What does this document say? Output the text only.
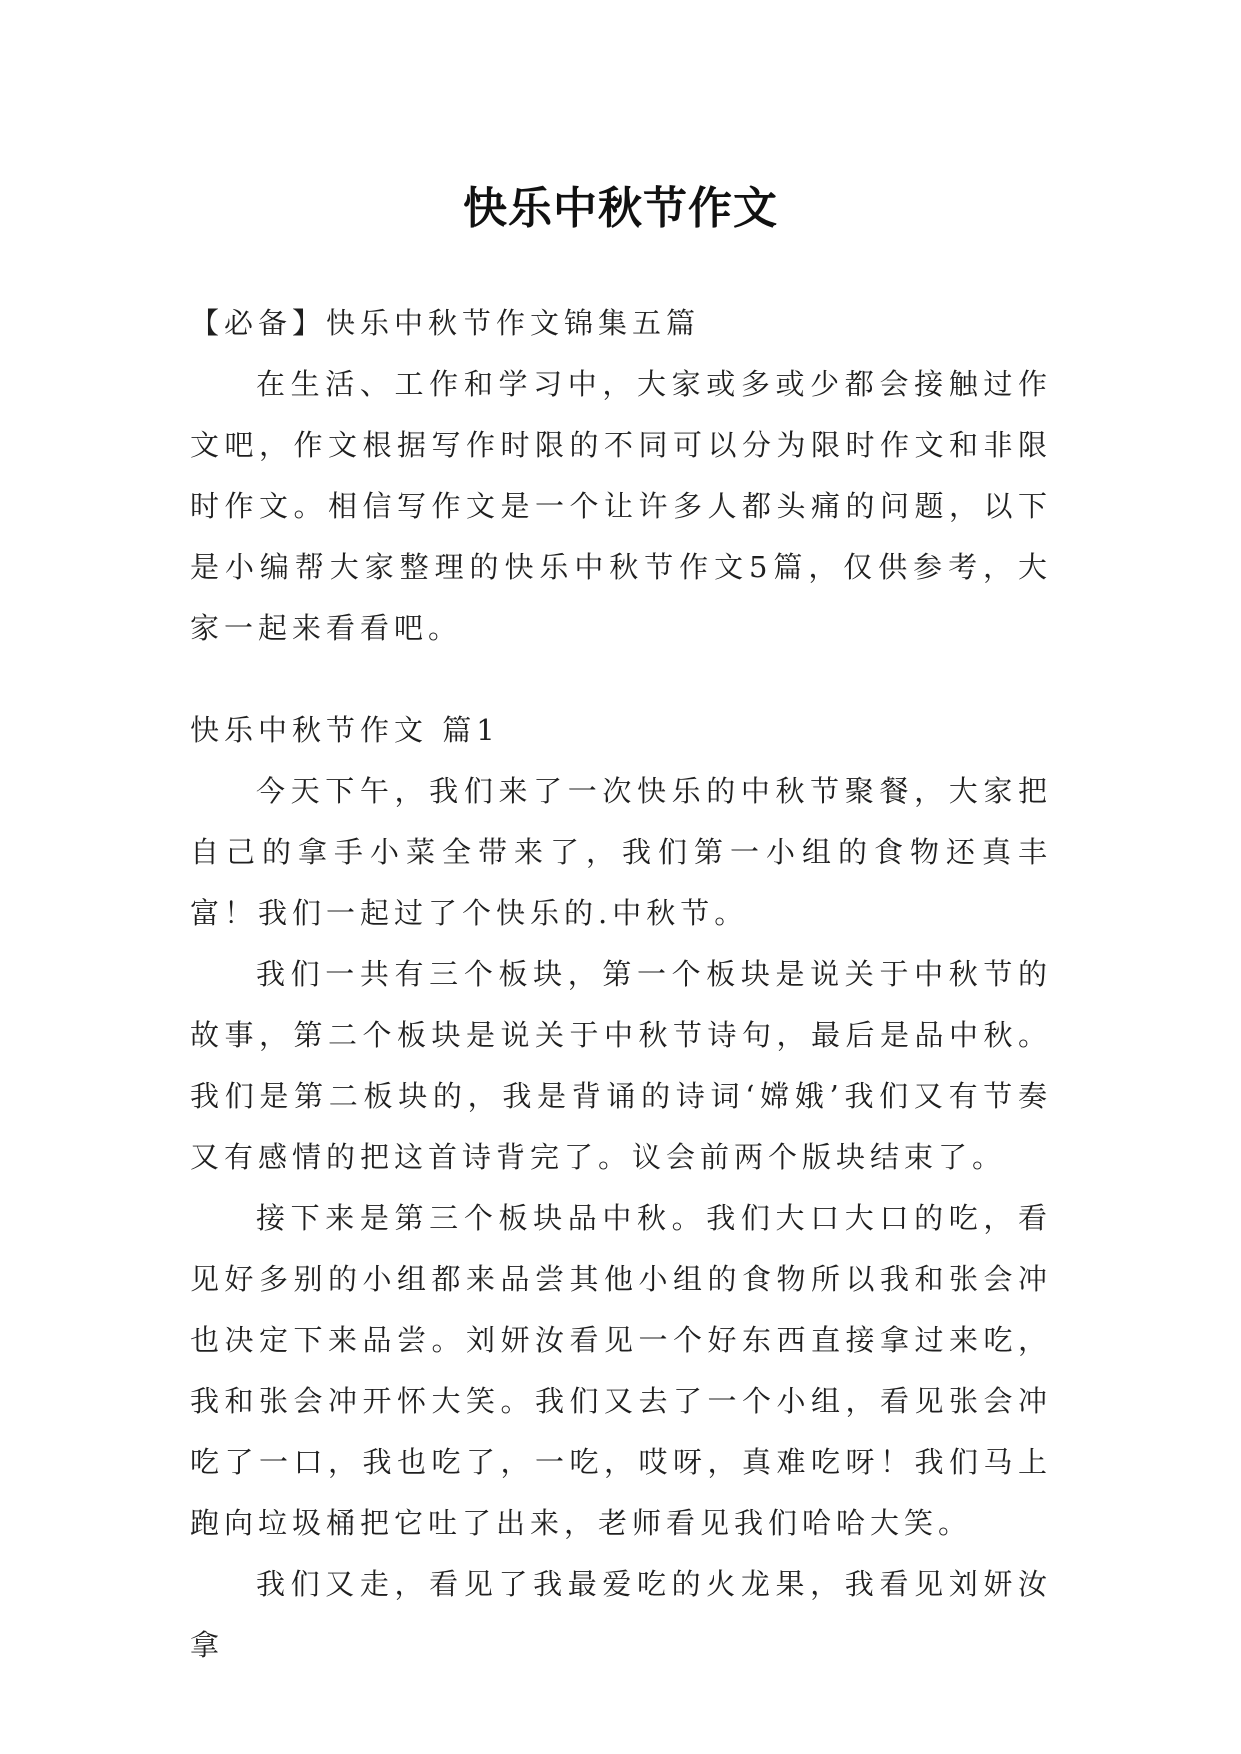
快乐中秋节作文

【必备】快乐中秋节作文锦集五篇

在生活、工作和学习中，大家或多或少都会接触过作文吧，作文根据写作时限的不同可以分为限时作文和非限时作文。相信写作文是一个让许多人都头痛的问题，以下是小编帮大家整理的快乐中秋节作文5篇，仅供参考，大家一起来看看吧。

快乐中秋节作文 篇1

今天下午，我们来了一次快乐的中秋节聚餐，大家把自己的拿手小菜全带来了，我们第一小组的食物还真丰富！我们一起过了个快乐的.中秋节。

我们一共有三个板块，第一个板块是说关于中秋节的故事，第二个板块是说关于中秋节诗句，最后是品中秋。我们是第二板块的，我是背诵的诗词‘嫦娥’我们又有节奏又有感情的把这首诗背完了。议会前两个版块结束了。

接下来是第三个板块品中秋。我们大口大口的吃，看见好多别的小组都来品尝其他小组的食物所以我和张会冲也决定下来品尝。刘妍汝看见一个好东西直接拿过来吃，我和张会冲开怀大笑。我们又去了一个小组，看见张会冲吃了一口，我也吃了，一吃，哎呀，真难吃呀！我们马上跑向垃圾桶把它吐了出来，老师看见我们哈哈大笑。

我们又走，看见了我最爱吃的火龙果，我看见刘妍汝拿
